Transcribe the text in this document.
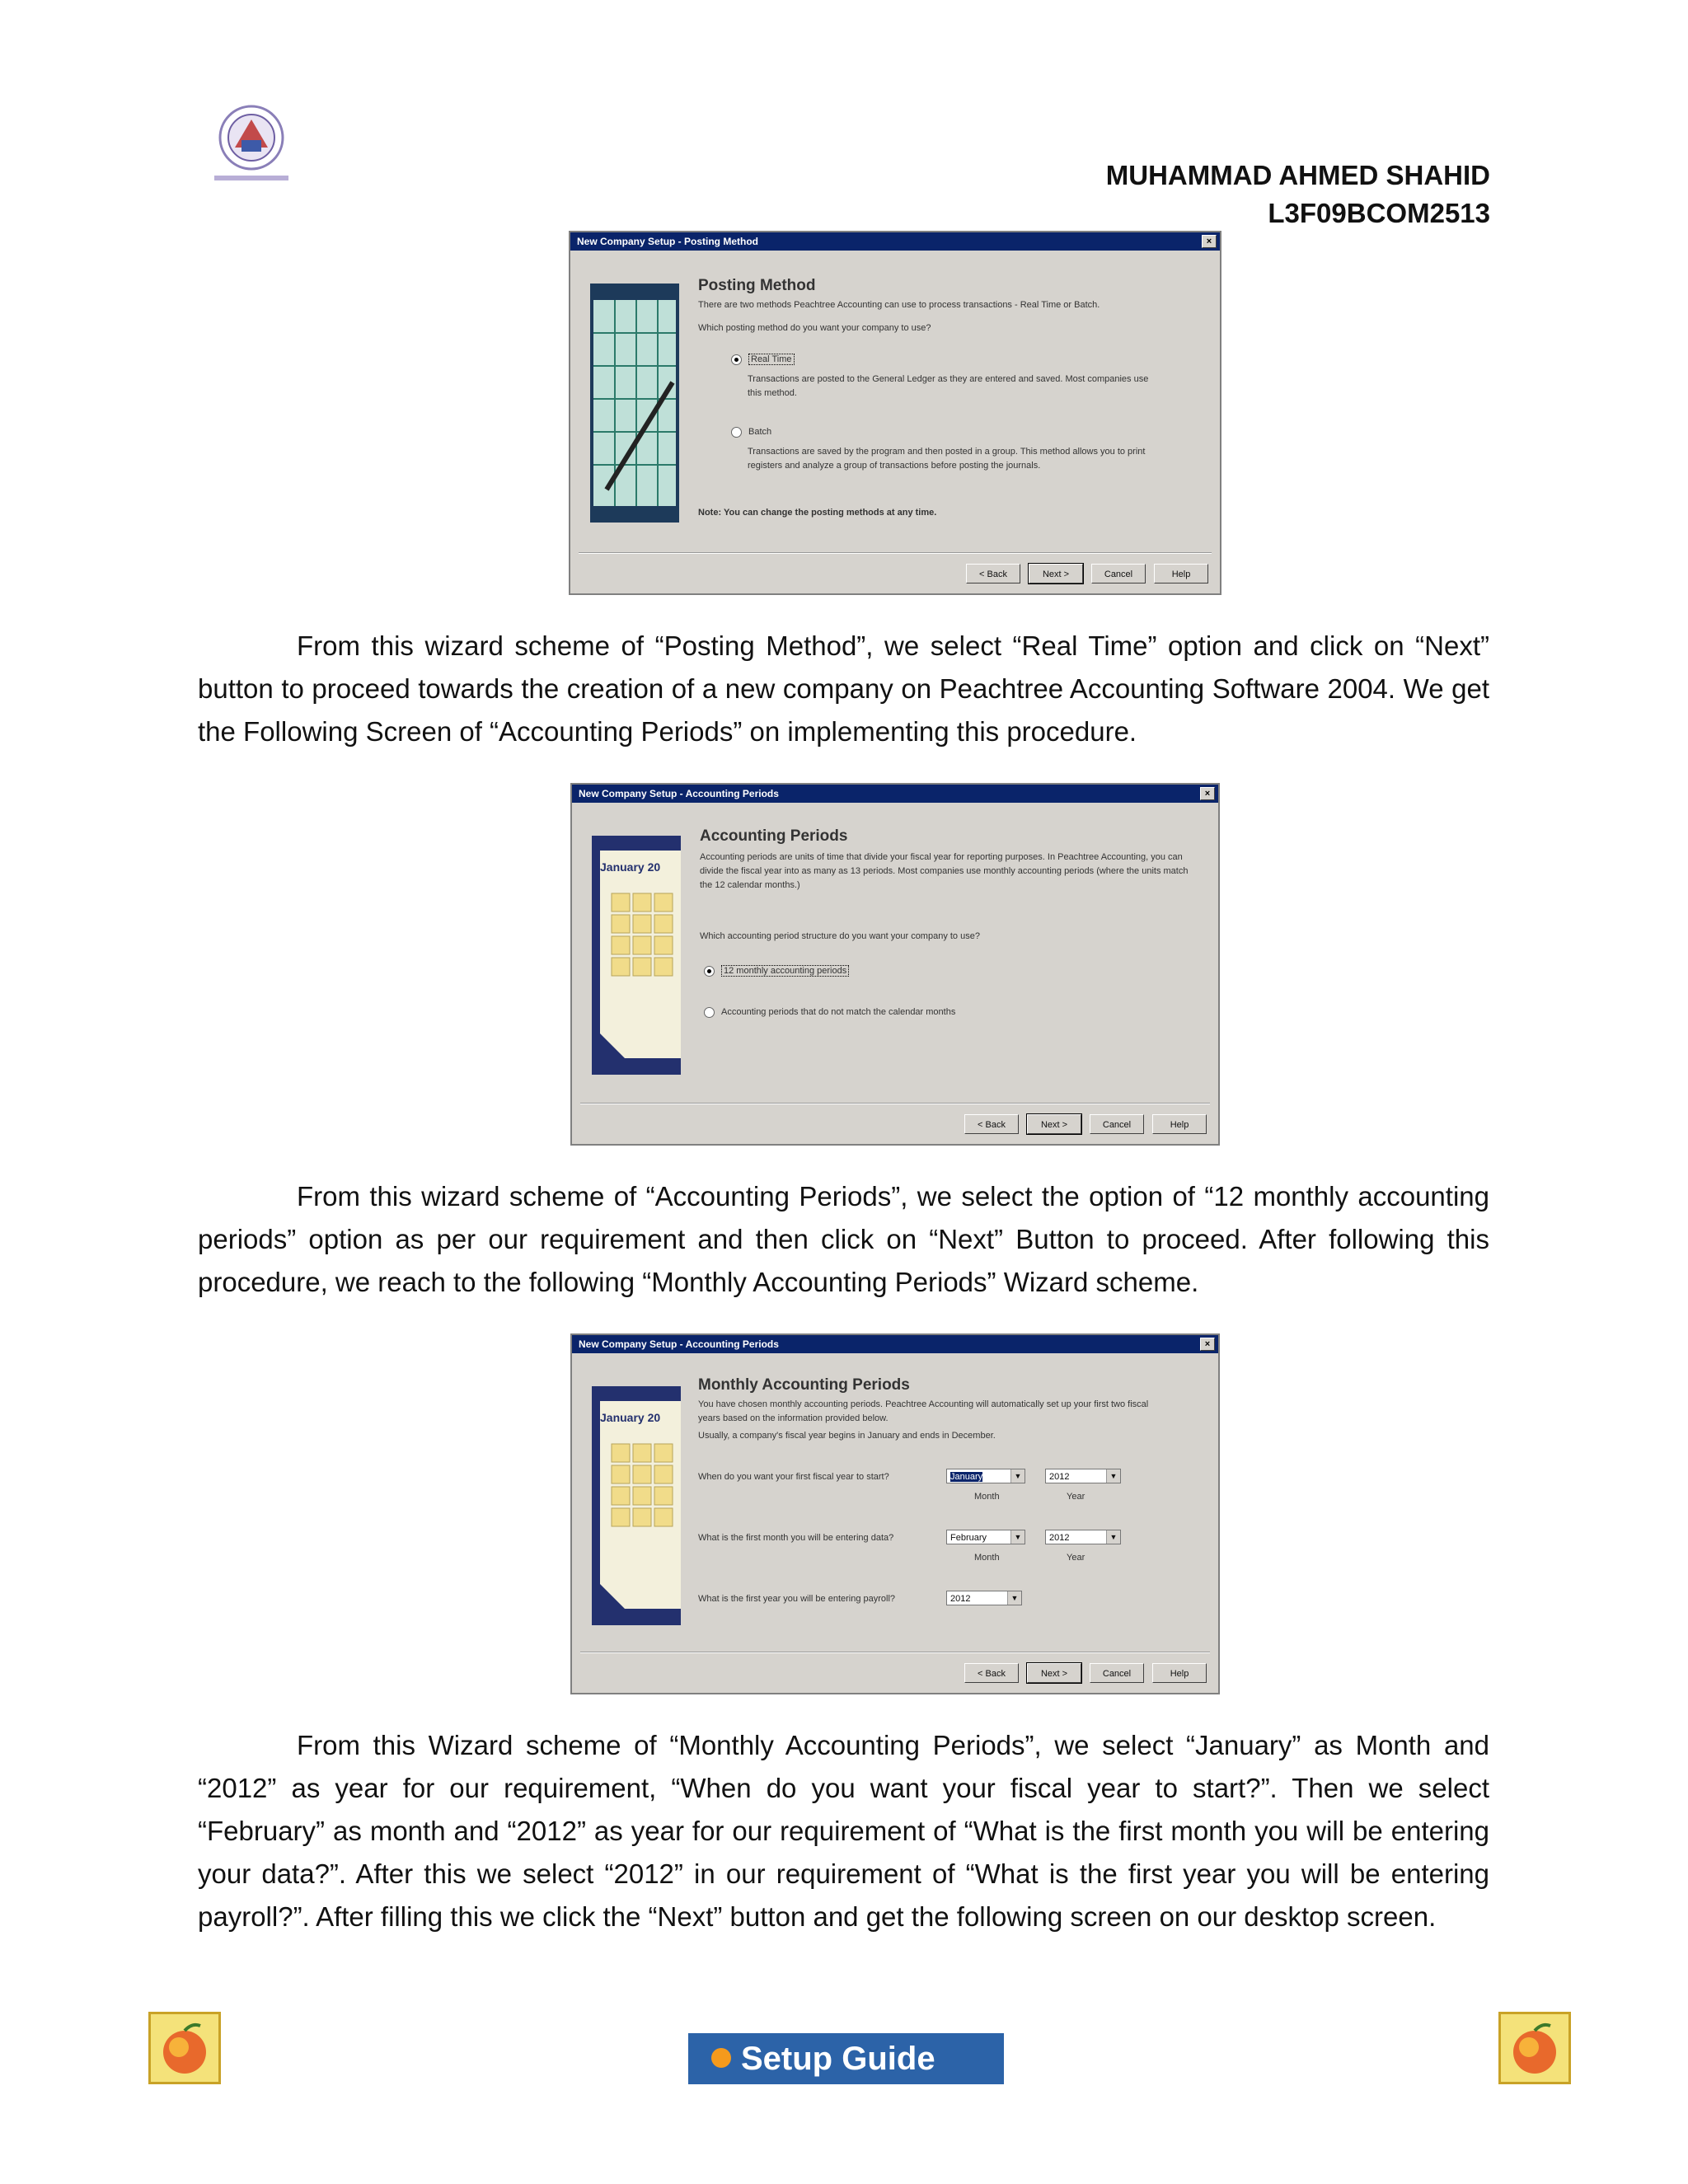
MUHAMMAD AHMED SHAHID
L3F09BCOM2513
New Company Setup - Posting Method	×
Posting Method
There are two methods Peachtree Accounting can use to process transactions - Real Time or Batch.
Which posting method do you want your company to use?
Real Time
Transactions are posted to the General Ledger as they are entered and saved. Most companies use this method.
Batch
Transactions are saved by the program and then posted in a group. This method allows you to print registers and analyze a group of transactions before posting the journals.
Note: You can change the posting methods at any time.
< Back	Next >	Cancel	Help
From this wizard scheme of “Posting Method”, we select “Real Time” option and click on “Next” button to proceed towards the creation of a new company on Peachtree Accounting Software 2004. We get the Following Screen of “Accounting Periods” on implementing this procedure.
New Company Setup - Accounting Periods	×
January 20
Accounting Periods
Accounting periods are units of time that divide your fiscal year for reporting purposes. In Peachtree Accounting, you can divide the fiscal year into as many as 13 periods. Most companies use monthly accounting periods (where the units match the 12 calendar months.)
Which accounting period structure do you want your company to use?
12 monthly accounting periods
Accounting periods that do not match the calendar months
< Back	Next >	Cancel	Help
From this wizard scheme of “Accounting Periods”, we select the option of “12 monthly accounting periods” option as per our requirement and then click on “Next” Button to proceed. After following this procedure, we reach to the following “Monthly Accounting Periods” Wizard scheme.
New Company Setup - Accounting Periods	×
January 20
Monthly Accounting Periods
You have chosen monthly accounting periods. Peachtree Accounting will automatically set up your first two fiscal years based on the information provided below.
Usually, a company's fiscal year begins in January and ends in December.
When do you want your first fiscal year to start?	January	▼	2012	▼
Month	Year
What is the first month you will be entering data?	February	▼	2012	▼
Month	Year
What is the first year you will be entering payroll?	2012	▼
< Back	Next >	Cancel	Help
From this Wizard scheme of “Monthly Accounting Periods”, we select “January” as Month and “2012” as year for our requirement, “When do you want your fiscal year to start?”. Then we select “February” as month and “2012” as year for our requirement of “What is the first month you will be entering your data?”. After this we select “2012” in our requirement of “What is the first year you will be entering payroll?”. After filling this we click the “Next” button and get the following screen on our desktop screen.
Setup Guide
